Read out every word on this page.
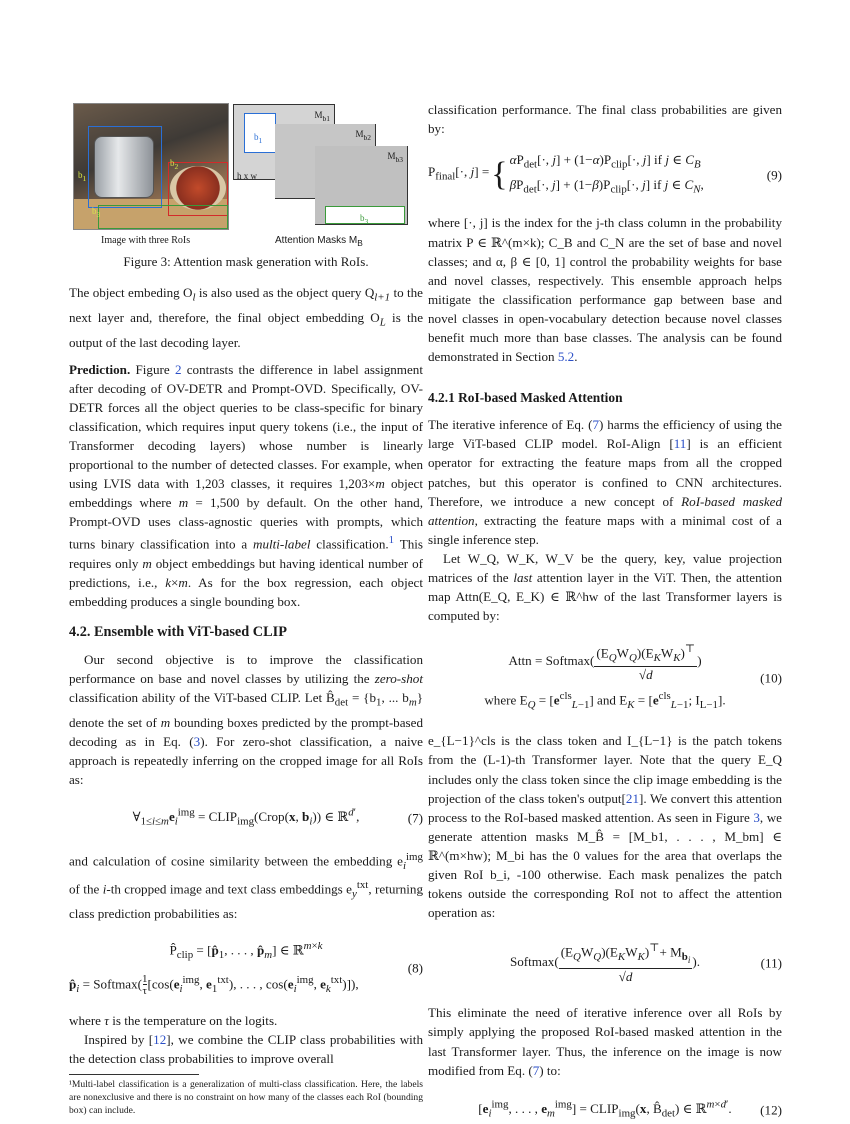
$b_1$
$b_2$
$b_3$
Image with three RoIs
$M_{b1}$
$b_1$
h x w
$M_{b2}$
$M_{b3}$
$b_3$
Attention Masks $M_B$
Figure 3: Attention mask generation with RoIs.

The object embeding $O_l$ is also used as the object query $Q_{l+1}$ to the next layer and, therefore, the final object embedding $O_L$ is the output of the last decoding layer.

Prediction. Figure 2 contrasts the difference in label assignment after decoding of OV-DETR and Prompt-OVD. Specifically, OV-DETR forces all the object queries to be class-specific for binary classification, which requires input query tokens (i.e., the input of Transformer decoding layers) whose number is linearly proportional to the number of detected classes. For example, when using LVIS data with 1,203 classes, it requires 1,203×m object embeddings where m = 1,500 by default. On the other hand, Prompt-OVD uses class-agnostic queries with prompts, which turns binary classification into a multi-label classification.$^1$ This requires only m object embeddings but having identical number of predictions, i.e., k×m. As for the box regression, each object embedding produces a single bounding box.

4.2. Ensemble with ViT-based CLIP

Our second objective is to improve the classification performance on base and novel classes by utilizing the zero-shot classification ability of the ViT-based CLIP. Let $B̂_{det} = \{b_1$, ... $b_m$} denote the set of m bounding boxes predicted by the prompt-based decoding as in Eq. (3). For zero-shot classification, a naive approach is repeatedly inferring on the cropped image for all RoIs as:

$\forall_{1\le i\le m}e_i^{img}$ = $CLIP_{img}(Crop(x$, $b_i$)) ∈ ℝ$^{d'}$,	(7)

and calculation of cosine similarity between the embedding $e_i^{img}$ of the i-th cropped image and text class embeddings $e_y^{txt}$, returning class prediction probabilities as:

$P̂_{clip}$ = [$p̂_1$, . . . , $p̂_m$] ∈ ℝ$^{m\times k}$
$p̂_i$ = Softmax(1
$\tau[\cos(e_i^{img}$, $e_1^{txt}$), . . . , $\cos(e_i^{img}$, $e_k^{txt}$)]),
(8)

where τ is the temperature on the logits.

Inspired by [12], we combine the CLIP class probabilities with the detection class probabilities to improve overall

¹Multi-label classification is a generalization of multi-class classification. Here, the labels are nonexclusive and there is no constraint on how many of the classes each RoI (bounding box) can include.

classification performance. The final class probabilities are given by:

$P_{final}[\cdot$, j] = { $\alpha P_{det}[\cdot$, $j] + (1-\alpha)P_{clip}[\cdot$, j] if j ∈ $C_B$
$\beta P_{det}[\cdot$, $j] + (1-\beta)P_{clip}[\cdot$, j] if j ∈ $C_N$,
(9)

where [·, j] is the index for the j-th class column in the probability matrix P ∈ ℝ^(m×k); C_B and C_N are the set of base and novel classes; and α, β ∈ [0, 1] control the probability weights for base and novel classes, respectively. This ensemble approach helps mitigate the classification performance gap between base and novel classes in open-vocabulary detection because novel classes benefit much more than base classes. The analysis can be found demonstrated in Section 5.2.

4.2.1 RoI-based Masked Attention

The iterative inference of Eq. (7) harms the efficiency of using the large ViT-based CLIP model. RoI-Align [11] is an efficient operator for extracting the feature maps from all the cropped patches, but this operator is confined to CNN architectures. Therefore, we introduce a new concept of RoI-based masked attention, extracting the feature maps with a minimal cost of a single inference step.

Let W_Q, W_K, W_V be the query, key, value projection matrices of the last attention layer in the ViT. Then, the attention map Attn(E_Q, E_K) ∈ ℝ^hw of the last Transformer layers is computed by:

Attn = Softmax(
$(E_QW_Q)(E_KW_K)^⊤$
√d)
where $E_Q = [e^{cls}_{L-1}]$ and $E_K = [e^{cls}_{L-1}$; $I_{L-1}$].
(10)

e_{L−1}^cls is the class token and I_{L−1} is the patch tokens from the (L-1)-th Transformer layer. Note that the query E_Q includes only the class token since the clip image embedding is the projection of the class token's output[21]. We convert this attention process to the RoI-based masked attention. As seen in Figure 3, we generate attention masks M_B̂ = [M_b1, . . . , M_bm] ∈ ℝ^(m×hw); M_bi has the 0 values for the area that overlaps the given RoI b_i, -100 otherwise. Each mask penalizes the patch tokens outside the corresponding RoI not to affect the attention operation as:

Softmax(
$(E_QW_Q)(E_KW_K)^⊤+ M_{b_i}$
√d).	(11)

This eliminate the need of iterative inference over all RoIs by simply applying the proposed RoI-based masked attention in the last Transformer layer. Thus, the inference on the image is now modified from Eq. (7) to:

[$e_i^{img}$, . . . , $e_m^{img}$] = $CLIP_{img}(x$, $B̂_{det}$) ∈ ℝ$^{m\times d'}$. (12)
